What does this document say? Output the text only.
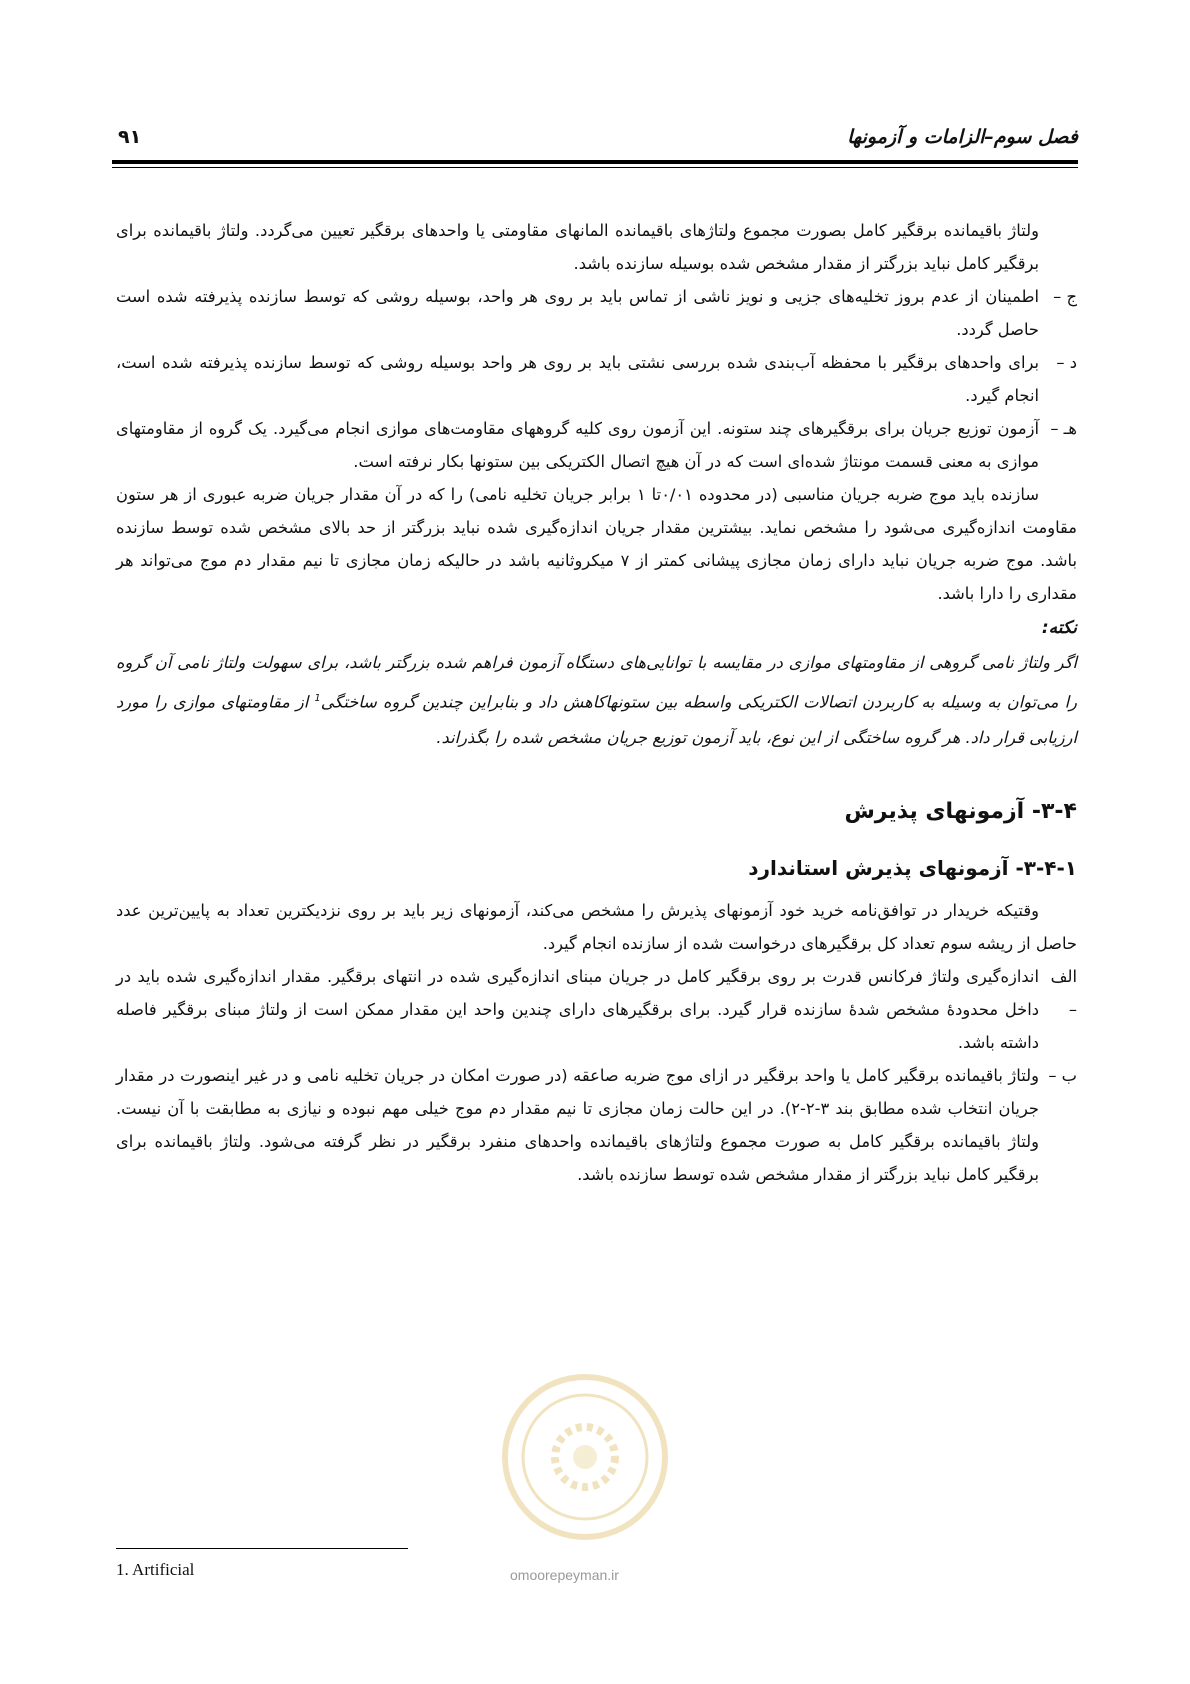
فصل سوم–الزامات و آزمونها
۹۱

ولتاژ باقیمانده برقگیر کامل بصورت مجموع ولتاژهای باقیمانده المانهای مقاومتی یا واحدهای برقگیر تعیین می‌گردد. ولتاژ باقیمانده برای برقگیر کامل نباید بزرگتر از مقدار مشخص شده بوسیله سازنده باشد.

ج –

اطمینان از عدم بروز تخلیه‌های جزیی و نویز ناشی از تماس باید بر روی هر واحد، بوسیله روشی که توسط سازنده پذیرفته شده است حاصل گردد.

د –

برای واحدهای برقگیر با محفظه آب‌بندی شده بررسی نشتی باید بر روی هر واحد بوسیله روشی که توسط سازنده پذیرفته شده است، انجام گیرد.

هـ –

آزمون توزیع جریان برای برقگیرهای چند ستونه. این آزمون روی کلیه گروههای مقاومت‌های موازی انجام می‌گیرد. یک گروه از مقاومتهای موازی به معنی قسمت مونتاژ شده‌ای است که در آن هیچ اتصال الکتریکی بین ستونها بکار نرفته است.

سازنده باید موج ضربه جریان مناسبی (در محدوده ۰/۰۱تا ۱ برابر جریان تخلیه نامی) را که در آن مقدار جریان ضربه عبوری از هر ستون مقاومت اندازه‌گیری می‌شود را مشخص نماید. بیشترین مقدار جریان اندازه‌گیری شده نباید بزرگتر از حد بالای مشخص شده توسط سازنده باشد. موج ضربه جریان نباید دارای زمان مجازی پیشانی کمتر از ۷ میکروثانیه باشد در حالیکه زمان مجازی تا نیم مقدار دم موج می‌تواند هر مقداری را دارا باشد.

نکته:

اگر ولتاژ نامی گروهی از مقاومتهای موازی در مقایسه با توانایی‌های دستگاه آزمون فراهم شده بزرگتر باشد، برای سهولت ولتاژ نامی آن گروه را می‌توان به وسیله به کاربردن اتصالات الکتریکی واسطه بین ستونهاکاهش داد و بنابراین چندین گروه ساختگی$^1$ از مقاومتهای موازی را مورد ارزیابی قرار داد. هر گروه ساختگی از این نوع، باید آزمون توزیع جریان مشخص شده را بگذراند.

۳-۴- آزمونهای پذیرش
۳-۴-۱- آزمونهای پذیرش استاندارد

وقتیکه خریدار در توافق‌نامه خرید خود آزمونهای پذیرش را مشخص می‌کند، آزمونهای زیر باید بر روی نزدیکترین تعداد به پایین‌ترین عدد حاصل از ریشه سوم تعداد کل برقگیرهای درخواست شده از سازنده انجام گیرد.

الف –

اندازه‌گیری ولتاژ فرکانس قدرت بر روی برقگیر کامل در جریان مبنای اندازه‌گیری شده در انتهای برقگیر. مقدار اندازه‌گیری شده باید در داخل محدودهٔ مشخص شدهٔ سازنده قرار گیرد. برای برقگیرهای دارای چندین واحد این مقدار ممکن است از ولتاژ مبنای برقگیر فاصله داشته باشد.

ب –

ولتاژ باقیمانده برقگیر کامل یا واحد برقگیر در ازای موج ضربه صاعقه (در صورت امکان در جریان تخلیه نامی و در غیر اینصورت در مقدار جریان انتخاب شده مطابق بند ۳-۲-۲). در این حالت زمان مجازی تا نیم مقدار دم موج خیلی مهم نبوده و نیازی به مطابقت با آن نیست. ولتاژ باقیمانده برقگیر کامل به صورت مجموع ولتاژهای باقیمانده واحدهای منفرد برقگیر در نظر گرفته می‌شود. ولتاژ باقیمانده برای برقگیر کامل نباید بزرگتر از مقدار مشخص شده توسط سازنده باشد.

omoorepeyman.ir
1. Artificial
